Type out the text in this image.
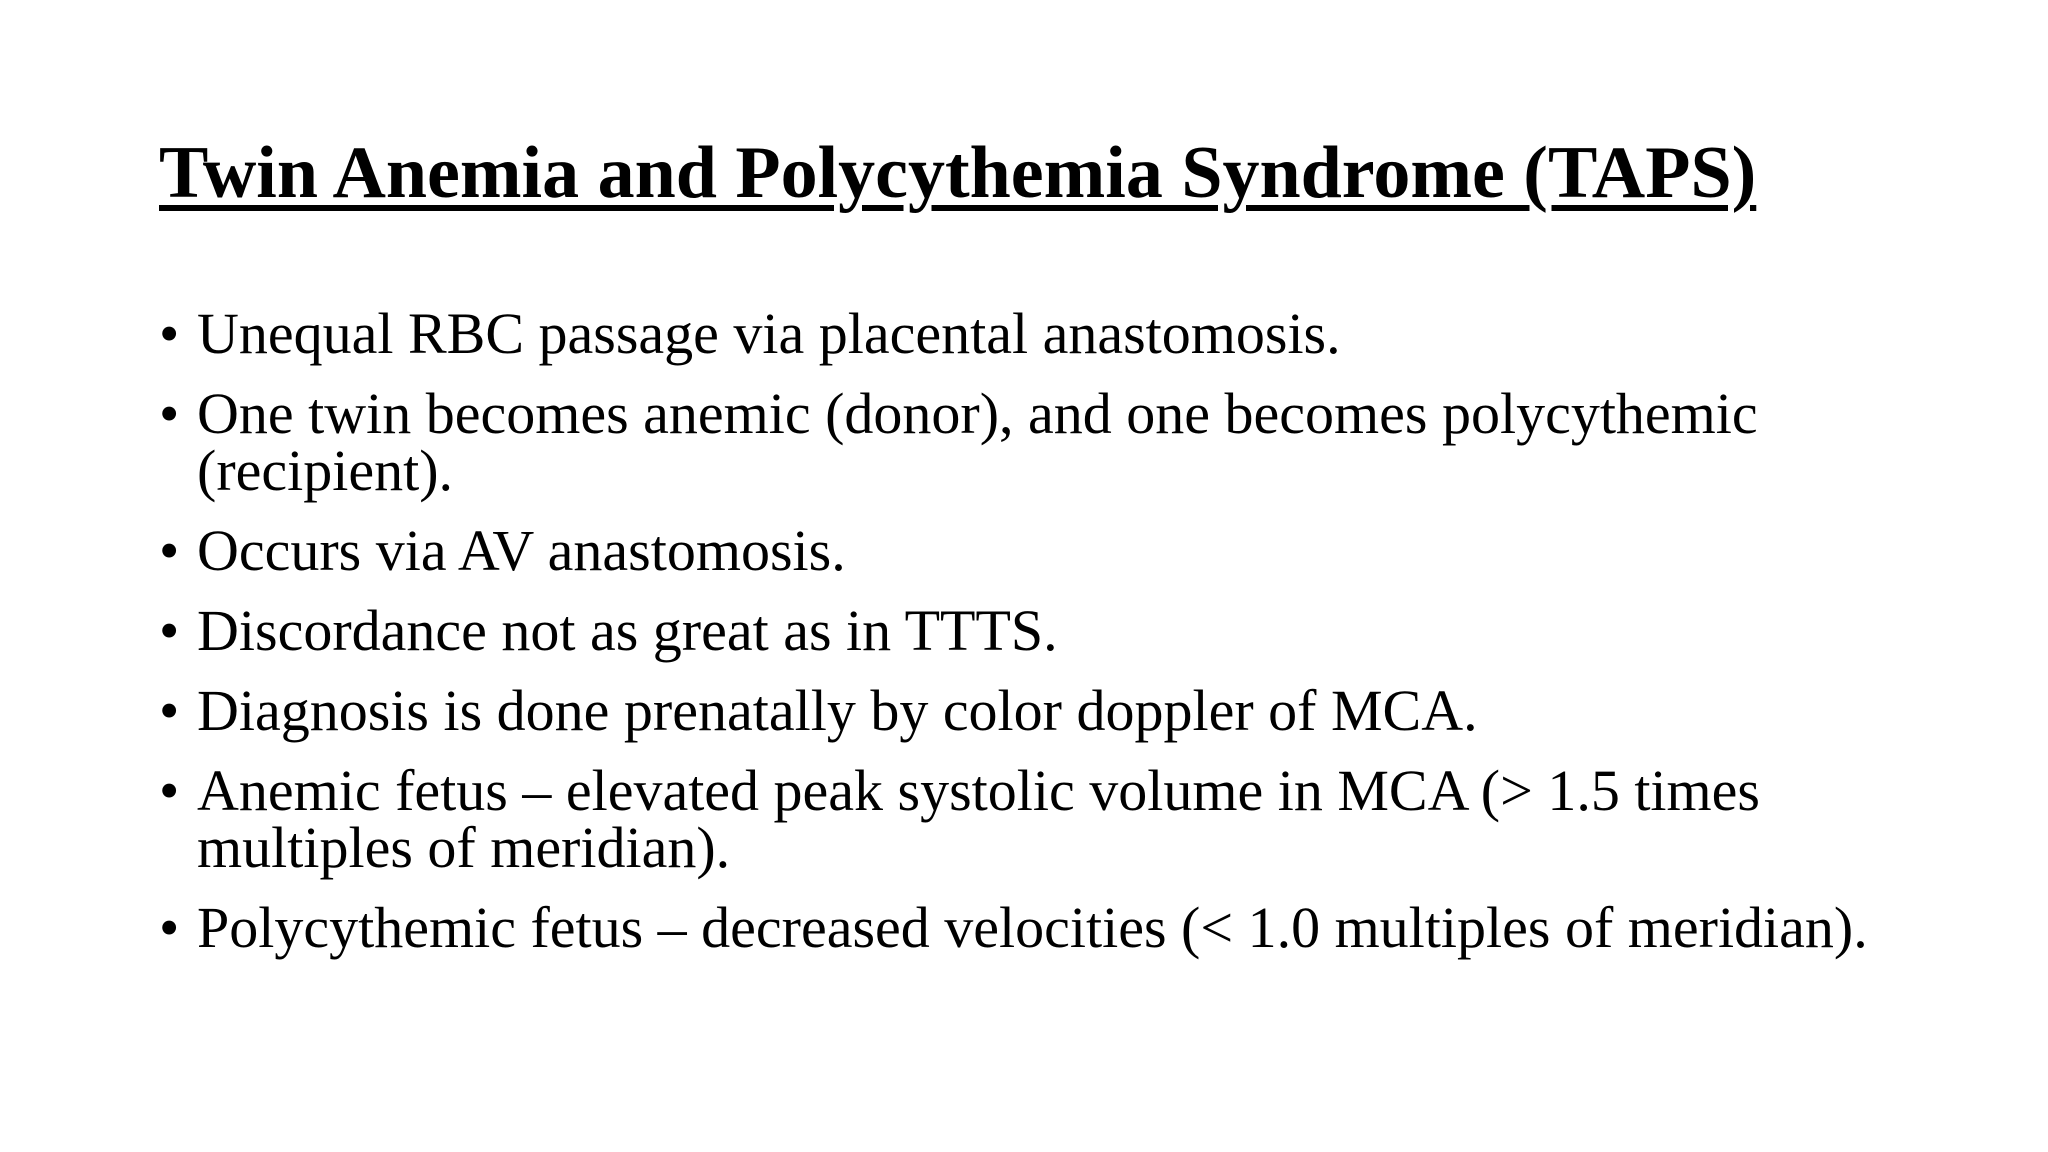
Twin Anemia and Polycythemia Syndrome (TAPS)
• Unequal RBC passage via placental anastomosis.
• One twin becomes anemic (donor), and one becomes polycythemic (recipient).
• Occurs via AV anastomosis.
• Discordance not as great as in TTTS.
• Diagnosis is done prenatally by color doppler of MCA.
• Anemic fetus – elevated peak systolic volume in MCA (> 1.5 times multiples of meridian).
• Polycythemic fetus – decreased velocities (< 1.0 multiples of meridian).
